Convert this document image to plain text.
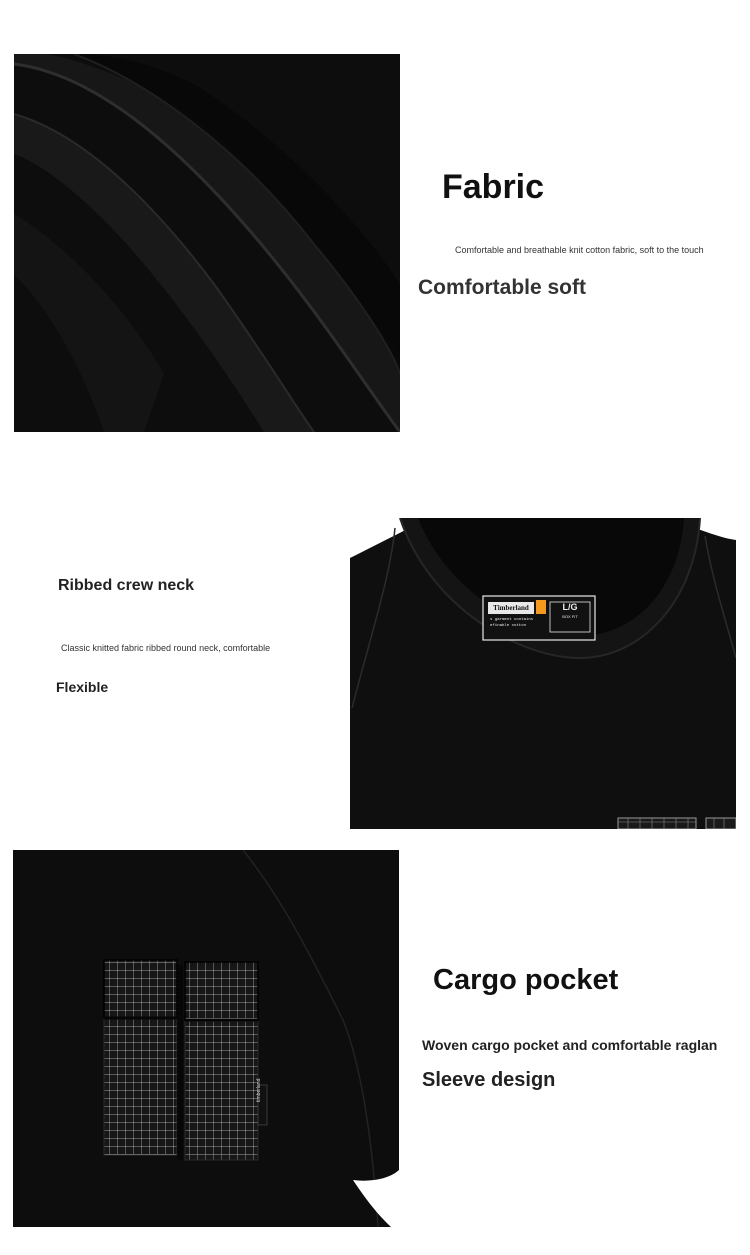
Fabric
Comfortable and breathable knit cotton fabric, soft to the touch
Comfortable soft
Ribbed crew neck
Classic knitted fabric ribbed round neck, comfortable
Flexible
Timberland	L/G
BOX FIT
s garment contains
efinable cotton
timberland
Cargo pocket
Woven cargo pocket and comfortable raglan
Sleeve design
